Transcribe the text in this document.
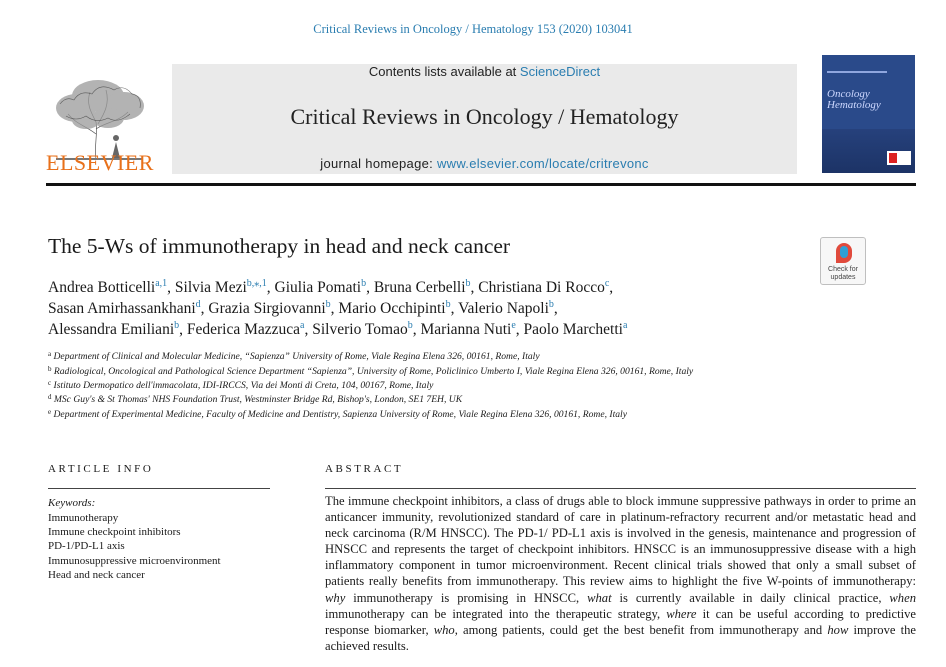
Critical Reviews in Oncology / Hematology 153 (2020) 103041
ELSEVIER
Contents lists available at ScienceDirect
Critical Reviews in Oncology / Hematology
journal homepage: www.elsevier.com/locate/critrevonc
Oncology
Hematology
The 5-Ws of immunotherapy in head and neck cancer
Check for
updates
Andrea Botticelli$^{a,1}$, Silvia Mezi$^{b,⁎,1}$, Giulia Pomati$^b$, Bruna Cerbelli$^b$, Christiana Di Rocco$^c$,
Sasan Amirhassankhani$^d$, Grazia Sirgiovanni$^b$, Mario Occhipinti$^b$, Valerio Napoli$^b$,
Alessandra Emiliani$^b$, Federica Mazzuca$^a$, Silverio Tomao$^b$, Marianna Nuti$^e$, Paolo Marchetti$^a$
$^a$ Department of Clinical and Molecular Medicine, “Sapienza” University of Rome, Viale Regina Elena 326, 00161, Rome, Italy
$^b$ Radiological, Oncological and Pathological Science Department “Sapienza”, University of Rome, Policlinico Umberto I, Viale Regina Elena 326, 00161, Rome, Italy
$^c$ Istituto Dermopatico dell'immacolata, IDI-IRCCS, Via dei Monti di Creta, 104, 00167, Rome, Italy
$^d$ MSc Guy's & St Thomas' NHS Foundation Trust, Westminster Bridge Rd, Bishop's, London, SE1 7EH, UK
$^e$ Department of Experimental Medicine, Faculty of Medicine and Dentistry, Sapienza University of Rome, Viale Regina Elena 326, 00161, Rome, Italy
ARTICLE INFO	ABSTRACT
Keywords:
Immunotherapy
Immune checkpoint inhibitors
PD-1/PD-L1 axis
Immunosuppressive microenvironment
Head and neck cancer
The immune checkpoint inhibitors, a class of drugs able to block immune suppressive pathways in order to prime an anticancer immunity, revolutionized standard of care in platinum-refractory recurrent and/or metastatic head and neck carcinoma (R/M HNSCC). The PD-1/ PD-L1 axis is involved in the genesis, maintenance and progression of HNSCC and represents the target of checkpoint inhibitors. HNSCC is an immunosuppressive disease with a high inflammatory component in tumor microenvironment. Recent clinical trials showed that only a small subset of patients really benefits from immunotherapy. This review aims to highlight the five W-points of immunotherapy: why immunotherapy is promising in HNSCC, what is currently available in daily clinical practice, when immunotherapy can be integrated into the therapeutic strategy, where it can be useful according to predictive response biomarker, who, among patients, could get the best benefit from immunotherapy and how improve the achieved results.
